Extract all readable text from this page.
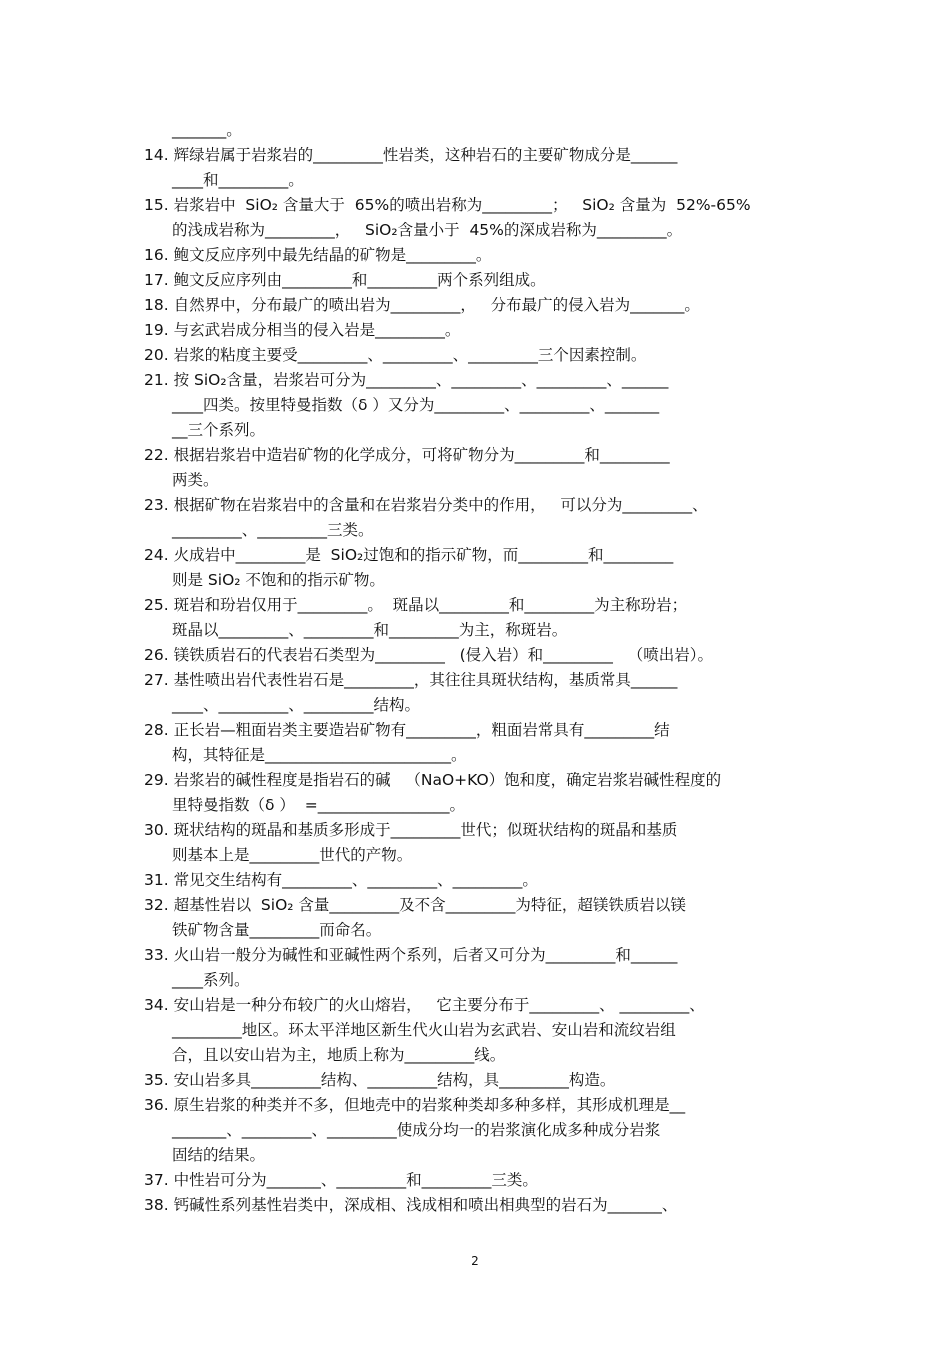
_______。
14. 辉绿岩属于岩浆岩的_________性岩类，这种岩石的主要矿物成分是______
____和_________。
15. 岩浆岩中  SiO₂ 含量大于  65%的喷出岩称为_________；   SiO₂ 含量为  52%-65%
的浅成岩称为_________，   SiO₂含量小于  45%的深成岩称为_________。
16. 鲍文反应序列中最先结晶的矿物是_________。
17. 鲍文反应序列由_________和_________两个系列组成。
18. 自然界中，分布最广的喷出岩为_________，   分布最广的侵入岩为_______。
19. 与玄武岩成分相当的侵入岩是_________。
20. 岩浆的粘度主要受_________、_________、_________三个因素控制。
21. 按 SiO₂含量，岩浆岩可分为_________、_________、_________、______
____四类。按里特曼指数（δ ）又分为_________、_________、_______
__三个系列。
22. 根据岩浆岩中造岩矿物的化学成分，可将矿物分为_________和_________
两类。
23. 根据矿物在岩浆岩中的含量和在岩浆岩分类中的作用，   可以分为_________、
_________、_________三类。
24. 火成岩中_________是  SiO₂过饱和的指示矿物，而_________和_________
则是 SiO₂ 不饱和的指示矿物。
25. 斑岩和玢岩仅用于_________。  斑晶以_________和_________为主称玢岩；
斑晶以_________、_________和_________为主，称斑岩。
26. 镁铁质岩石的代表岩石类型为_________   (侵入岩）和_________   （喷出岩）。
27. 基性喷出岩代表性岩石是_________，其往往具斑状结构，基质常具______
____、_________、_________结构。
28. 正长岩—粗面岩类主要造岩矿物有_________，粗面岩常具有_________结
构，其特征是________________________。
29. 岩浆岩的碱性程度是指岩石的碱   （NaO+KO）饱和度，确定岩浆岩碱性程度的
里特曼指数（δ ）  =_________________。
30. 斑状结构的斑晶和基质多形成于_________世代；似斑状结构的斑晶和基质
则基本上是_________世代的产物。
31. 常见交生结构有_________、_________、_________。
32. 超基性岩以  SiO₂ 含量_________及不含_________为特征，超镁铁质岩以镁
铁矿物含量_________而命名。
33. 火山岩一般分为碱性和亚碱性两个系列，后者又可分为_________和______
____系列。
34. 安山岩是一种分布较广的火山熔岩，   它主要分布于_________、 _________、
_________地区。环太平洋地区新生代火山岩为玄武岩、安山岩和流纹岩组
合，且以安山岩为主，地质上称为_________线。
35. 安山岩多具_________结构、_________结构，具_________构造。
36. 原生岩浆的种类并不多，但地壳中的岩浆种类却多种多样，其形成机理是__
_______、_________、_________使成分均一的岩浆演化成多种成分岩浆
固结的结果。
37. 中性岩可分为_______、_________和_________三类。
38. 钙碱性系列基性岩类中，深成相、浅成相和喷出相典型的岩石为_______、
2
